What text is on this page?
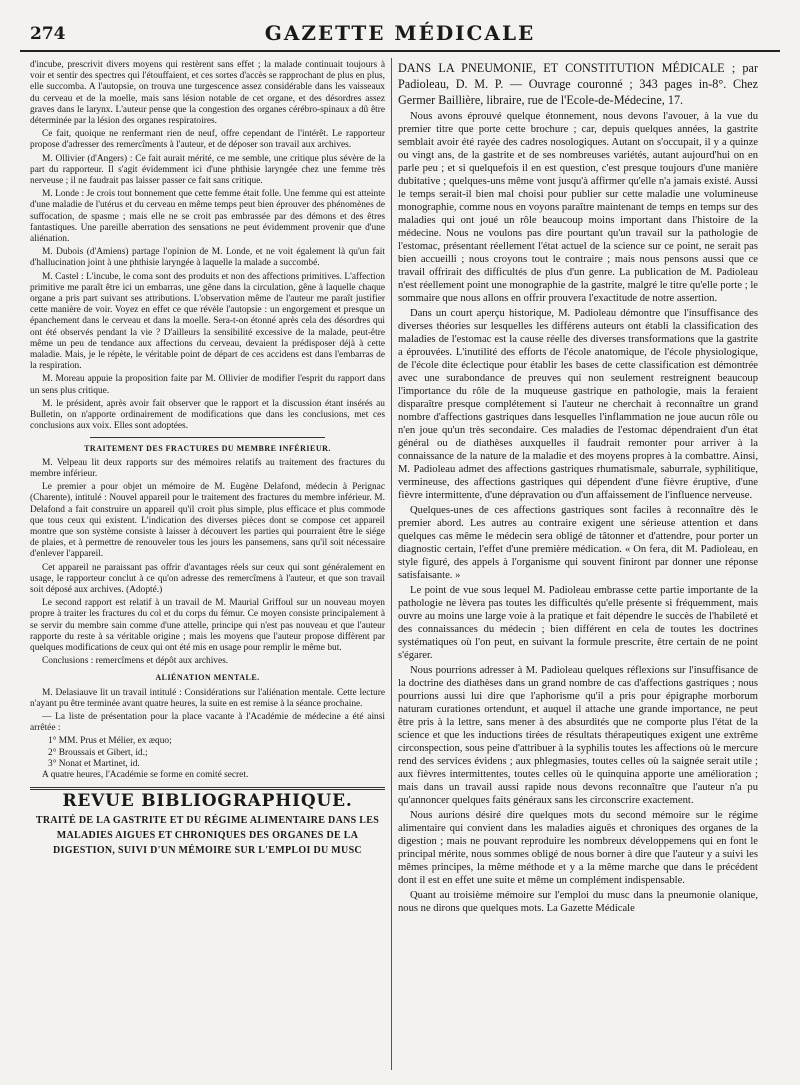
274	GAZETTE MÉDICALE

d'incube, prescrivit divers moyens qui restèrent sans effet ; la malade continuait toujours à voir et sentir des spectres qui l'étouffaient, et ces sortes d'accès se rapprochant de plus en plus, elle succomba. A l'autopsie, on trouva une turgescence assez considérable dans les vaisseaux du cerveau et de la moelle, mais sans lésion notable de cet organe, et des désordres assez graves dans le larynx. L'auteur pense que la congestion des organes cérébro-spinaux a dû être déterminée par la lésion des organes respiratoires.

Ce fait, quoique ne renfermant rien de neuf, offre cependant de l'intérêt. Le rapporteur propose d'adresser des remercîments à l'auteur, et de déposer son travail aux archives.

M. Ollivier (d'Angers) : Ce fait aurait mérité, ce me semble, une critique plus sévère de la part du rapporteur. Il s'agit évidemment ici d'une phthisie laryngée chez une femme très nerveuse ; il ne faudrait pas laisser passer ce fait sans critique.

M. Londe : Je crois tout bonnement que cette femme était folle. Une femme qui est atteinte d'une maladie de l'utérus et du cerveau en même temps peut bien éprouver des phénomènes de suffocation, de spasme ; mais elle ne se croit pas embrassée par des démons et des êtres fantastiques. Une pareille aberration des sensations ne peut évidemment provenir que d'une aliénation.

M. Dubois (d'Amiens) partage l'opinion de M. Londe, et ne voit également là qu'un fait d'hallucination joint à une phthisie laryngée à laquelle la malade a succombé.

M. Castel : L'incube, le coma sont des produits et non des affections primitives. L'affection primitive me paraît être ici un embarras, une gêne dans la circulation, gêne à laquelle chaque organe a pris part suivant ses attributions. L'observation même de l'auteur me paraît justifier cette manière de voir. Voyez en effet ce que révèle l'autopsie : un engorgement et presque un épanchement dans le cerveau et dans la moelle. Sera-t-on étonné après cela des désordres qui ont été observés pendant la vie ? D'ailleurs la sensibilité excessive de la malade, peut-être même un peu de tendance aux affections du cerveau, devaient la prédisposer déjà à cette maladie. Mais, je le répète, le véritable point de départ de ces accidens est dans l'embarras de la respiration.

M. Moreau appuie la proposition faite par M. Ollivier de modifier l'esprit du rapport dans un sens plus critique.

M. le président, après avoir fait observer que le rapport et la discussion étant insérés au Bulletin, on n'apporte ordinairement de modifications que dans les conclusions, met ces conclusions aux voix. Elles sont adoptées.

TRAITEMENT DES FRACTURES DU MEMBRE INFÉRIEUR.

M. Velpeau lit deux rapports sur des mémoires relatifs au traitement des fractures du membre inférieur.

Le premier a pour objet un mémoire de M. Eugène Delafond, médecin à Perignac (Charente), intitulé : Nouvel appareil pour le traitement des fractures du membre inférieur. M. Delafond a fait construire un appareil qu'il croit plus simple, plus efficace et plus commode que tous ceux qui existent. L'indication des diverses pièces dont se compose cet appareil montre que son système consiste à laisser à découvert les parties qui pourraient être le siége de plaies, et à permettre de renouveler tous les jours les pansemens, sans qu'il soit nécessaire d'enlever l'appareil.

Cet appareil ne paraissant pas offrir d'avantages réels sur ceux qui sont généralement en usage, le rapporteur conclut à ce qu'on adresse des remercîmens à l'auteur, et que son travail soit déposé aux archives. (Adopté.)

Le second rapport est relatif à un travail de M. Maurial Griffoul sur un nouveau moyen propre à traiter les fractures du col et du corps du fémur. Ce moyen consiste principalement à se servir du membre sain comme d'une attelle, principe qui n'est pas nouveau et que l'auteur rapporte du reste à sa véritable origine ; mais les moyens que l'auteur propose diffèrent par quelques modifications de ceux qui ont été mis en usage pour remplir le même but.

Conclusions : remercîmens et dépôt aux archives.

ALIÉNATION MENTALE.

M. Delasiauve lit un travail intitulé : Considérations sur l'aliénation mentale. Cette lecture n'ayant pu être terminée avant quatre heures, la suite en est remise à la séance prochaine.

— La liste de présentation pour la place vacante à l'Académie de médecine a été ainsi arrêtée :

1° MM. Prus et Mélier, ex æquo;

2° Broussais et Gibert, id.;

3° Nonat et Martinet, id.

A quatre heures, l'Académie se forme en comité secret.

REVUE BIBLIOGRAPHIQUE.

TRAITÉ DE LA GASTRITE ET DU RÉGIME ALIMENTAIRE DANS LES MALADIES AIGUES ET CHRONIQUES DES ORGANES DE LA DIGESTION, SUIVI D'UN MÉMOIRE SUR L'EMPLOI DU MUSC

DANS LA PNEUMONIE, ET CONSTITUTION MÉDICALE ; par Padioleau, D. M. P. — Ouvrage couronné ; 343 pages in-8°. Chez Germer Baillière, libraire, rue de l'Ecole-de-Médecine, 17.

Nous avons éprouvé quelque étonnement, nous devons l'avouer, à la vue du premier titre que porte cette brochure ; car, depuis quelques années, la gastrite semblait avoir été rayée des cadres nosologiques. Autant on s'occupait, il y a quinze ou vingt ans, de la gastrite et de ses nombreuses variétés, autant aujourd'hui on en parle peu ; et si quelquefois il en est question, c'est presque toujours d'une manière dubitative ; quelques-uns même vont jusqu'à affirmer qu'elle n'a jamais existé. Aussi le temps serait-il bien mal choisi pour publier sur cette maladie une volumineuse monographie, comme nous en voyons paraître maintenant de temps en temps sur des maladies qui ont joué un rôle beaucoup moins important dans l'histoire de la médecine. Nous ne voulons pas dire pourtant qu'un travail sur la pathologie de l'estomac, présentant réellement l'état actuel de la science sur ce point, ne serait pas bien accueilli ; nous croyons tout le contraire ; mais nous pensons aussi que ce travail offrirait des difficultés de plus d'un genre. La publication de M. Padioleau n'est réellement point une monographie de la gastrite, malgré le titre qu'elle porte ; le sommaire que nous allons en offrir prouvera l'exactitude de notre assertion.

Dans un court aperçu historique, M. Padioleau démontre que l'insuffisance des diverses théories sur lesquelles les différens auteurs ont établi la classification des maladies de l'estomac est la cause réelle des diverses transformations que la gastrite a éprouvées. L'inutilité des efforts de l'école anatomique, de l'école physiologique, de l'école dite éclectique pour établir les bases de cette classification est démontrée avec une surabondance de preuves qui non seulement restreignent beaucoup l'importance du rôle de la muqueuse gastrique en pathologie, mais la feraient disparaître presque complétement si l'auteur ne cherchait à reconnaître un grand nombre d'affections gastriques dans lesquelles l'inflammation ne joue aucun rôle ou n'en joue qu'un très secondaire. Ces maladies de l'estomac dépendraient d'un état général ou de diathèses auxquelles il faudrait remonter pour arriver à la connaissance de la nature de la maladie et des moyens propres à la combattre. Ainsi, M. Padioleau admet des affections gastriques rhumatismale, saburrale, syphilitique, vermineuse, des affections gastriques qui dépendent d'une fièvre éruptive, d'une fièvre intermittente, d'une dépravation ou d'un affaissement de l'influence nerveuse.

Quelques-unes de ces affections gastriques sont faciles à reconnaître dès le premier abord. Les autres au contraire exigent une sérieuse attention et dans quelques cas même le médecin sera obligé de tâtonner et d'attendre, pour porter un diagnostic certain, l'effet d'une première médication. « On fera, dit M. Padioleau, en style figuré, des appels à l'organisme qui souvent finiront par donner une réponse satisfaisante. »

Le point de vue sous lequel M. Padioleau embrasse cette partie importante de la pathologie ne lèvera pas toutes les difficultés qu'elle présente si fréquemment, mais ouvre au moins une large voie à la pratique et fait dépendre le succès de l'habileté et des connaissances du médecin ; bien différent en cela de toutes les doctrines systématiques où l'on peut, en suivant la formule prescrite, être certain de ne point s'égarer.

Nous pourrions adresser à M. Padioleau quelques réflexions sur l'insuffisance de la doctrine des diathèses dans un grand nombre de cas d'affections gastriques ; nous pourrions aussi lui dire que l'aphorisme qu'il a pris pour épigraphe morborum naturam curationes ortendunt, et auquel il attache une grande importance, ne peut être pris à la lettre, sans mener à des absurdités que ne comporte plus l'état de la science et que les inductions tirées de résultats thérapeutiques exigent une extrême circonspection, sous peine d'attribuer à la syphilis toutes les affections où le mercure rend des services évidens ; aux phlegmasies, toutes celles où la saignée serait utile ; aux fièvres intermittentes, toutes celles où le quinquina apporte une amélioration ; mais dans un travail aussi rapide nous devons reconnaître que l'auteur n'a pu qu'annoncer quelques faits généraux sans les circonscrire exactement.

Nous aurions désiré dire quelques mots du second mémoire sur le régime alimentaire qui convient dans les maladies aiguës et chroniques des organes de la digestion ; mais ne pouvant reproduire les nombreux développemens qui en font le principal mérite, nous sommes obligé de nous borner à dire que l'auteur y a suivi les mêmes principes, la même méthode et y a la même marche que dans le précédent dont il est en effet une suite et même un complément indispensable.

Quant au troisième mémoire sur l'emploi du musc dans la pneumonie olanique, nous ne dirons que quelques mots. La Gazette Médicale
